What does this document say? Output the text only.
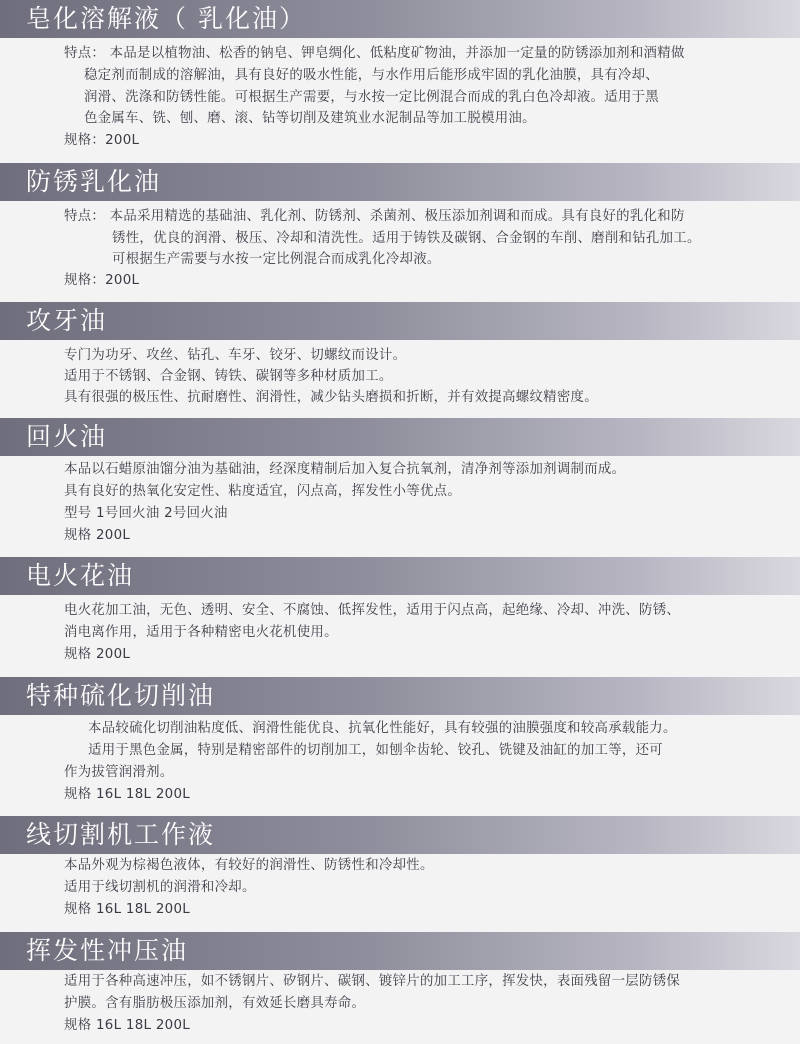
皂化溶解液（ 乳化油）
特点： 本品是以植物油、松香的钠皂、钾皂绸化、低粘度矿物油，并添加一定量的防锈添加剂和酒精做
稳定剂而制成的溶解油，具有良好的吸水性能，与水作用后能形成牢固的乳化油膜，具有冷却、
润滑、洗涤和防锈性能。可根据生产需要，与水按一定比例混合而成的乳白色冷却液。适用于黑
色金属车、铣、刨、磨、滚、钻等切削及建筑业水泥制品等加工脱模用油。
规格：200L
防锈乳化油
特点： 本品采用精选的基础油、乳化剂、防锈剂、杀菌剂、极压添加剂调和而成。具有良好的乳化和防
锈性，优良的润滑、极压、冷却和清洗性。适用于铸铁及碳钢、合金钢的车削、磨削和钻孔加工。
可根据生产需要与水按一定比例混合而成乳化冷却液。
规格：200L
攻牙油
专门为功牙、攻丝、钻孔、车牙、铰牙、切螺纹而设计。
适用于不锈钢、合金钢、铸铁、碳钢等多种材质加工。
具有很强的极压性、抗耐磨性、润滑性，减少钻头磨损和折断，并有效提高螺纹精密度。
回火油
本品以石蜡原油馏分油为基础油，经深度精制后加入复合抗氧剂，清净剂等添加剂调制而成。
具有良好的热氧化安定性、粘度适宜，闪点高，挥发性小等优点。
型号 1号回火油 2号回火油
规格 200L
电火花油
电火花加工油，无色、透明、安全、不腐蚀、低挥发性，适用于闪点高，起绝缘、冷却、冲洗、防锈、
消电离作用，适用于各种精密电火花机使用。
规格 200L
特种硫化切削油
本品较硫化切削油粘度低、润滑性能优良、抗氧化性能好，具有较强的油膜强度和较高承载能力。
适用于黑色金属，特别是精密部件的切削加工，如刨伞齿轮、铰孔、铣键及油缸的加工等，还可
作为拔管润滑剂。
规格 16L 18L 200L
线切割机工作液
本品外观为棕褐色液体，有较好的润滑性、防锈性和冷却性。
适用于线切割机的润滑和冷却。
规格 16L 18L 200L
挥发性冲压油
适用于各种高速冲压，如不锈钢片、矽钢片、碳钢、镀锌片的加工工序，挥发快，表面残留一层防锈保
护膜。含有脂肪极压添加剂，有效延长磨具寿命。
规格 16L 18L 200L
